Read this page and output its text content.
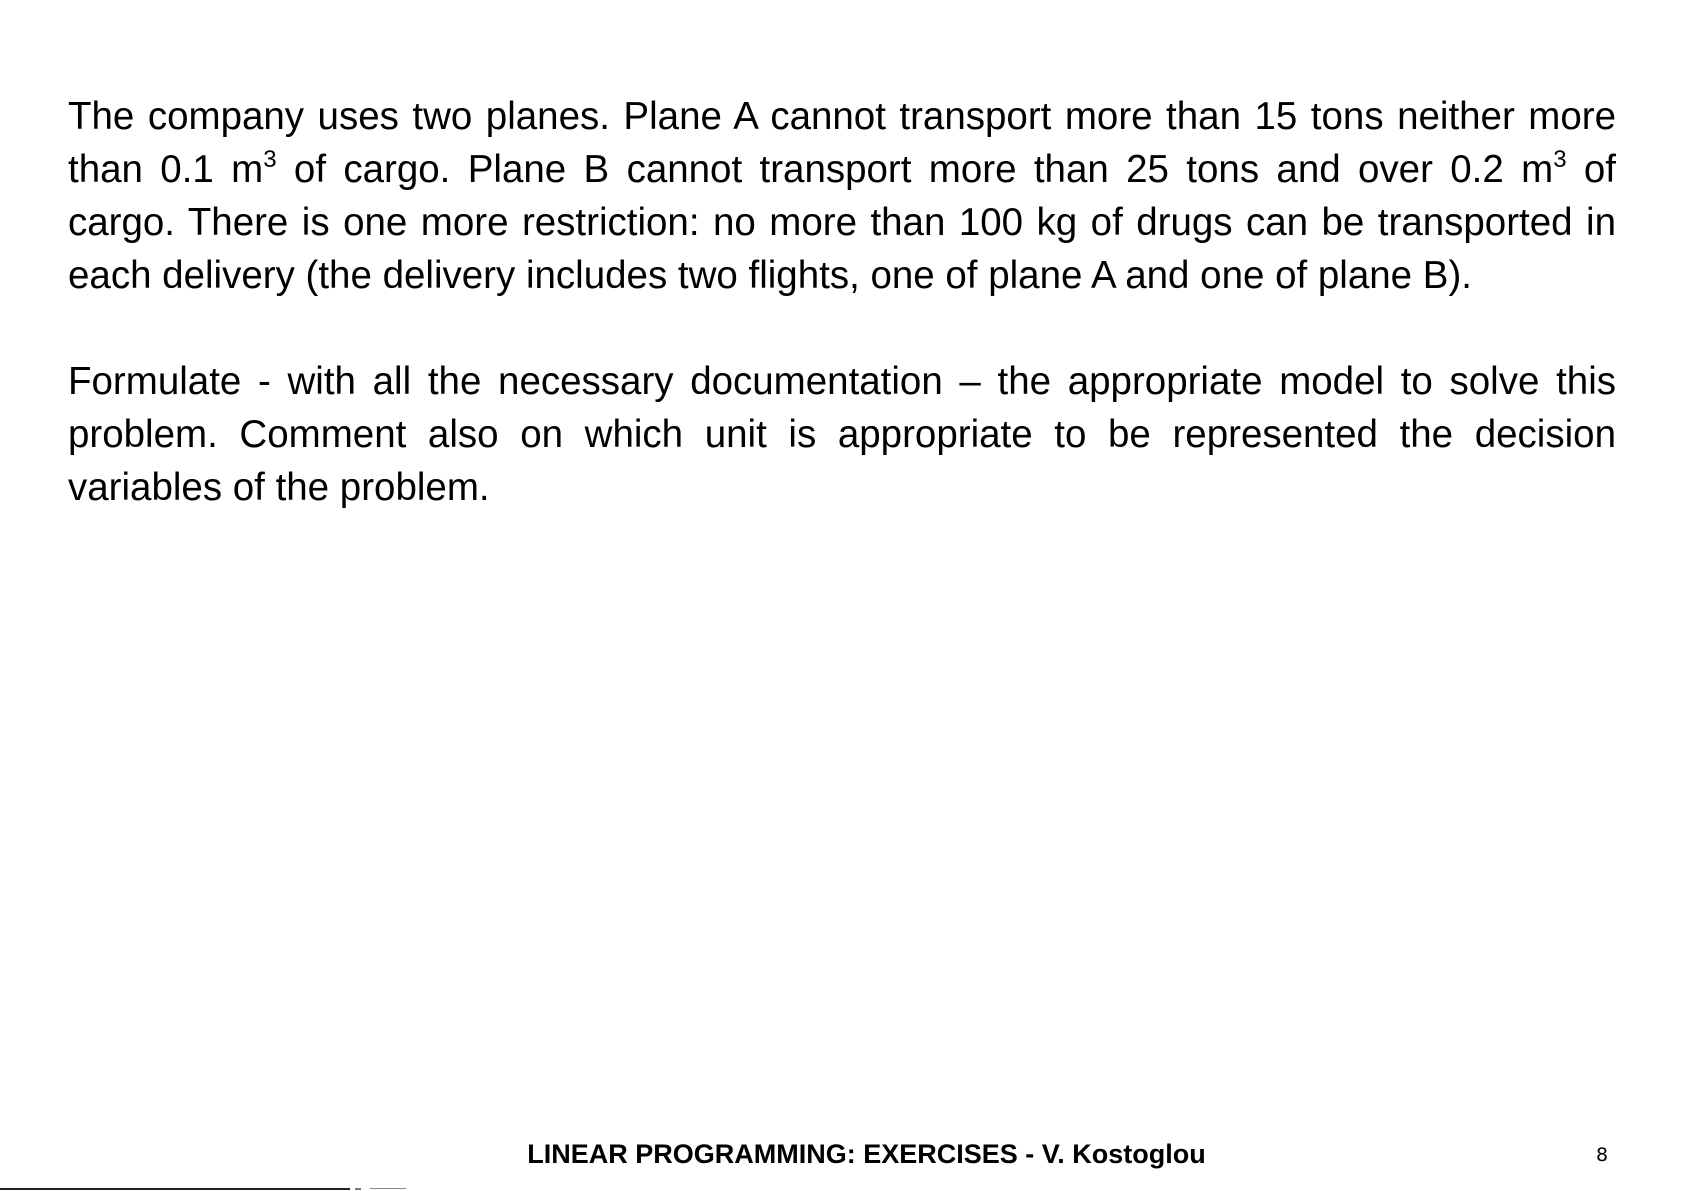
The company uses two planes. Plane A cannot transport more than 15 tons neither more than 0.1 $m^3$ of cargo. Plane B cannot transport more than 25 tons and over 0.2 $m^3$ of cargo. There is one more restriction: no more than 100 kg of drugs can be transported in each delivery (the delivery includes two flights, one of plane A and one of plane B).

Formulate - with all the necessary documentation – the appropriate model to solve this problem. Comment also on which unit is appropriate to be represented the decision variables of the problem.

LINEAR PROGRAMMING: EXERCISES - V. Kostoglou	8
